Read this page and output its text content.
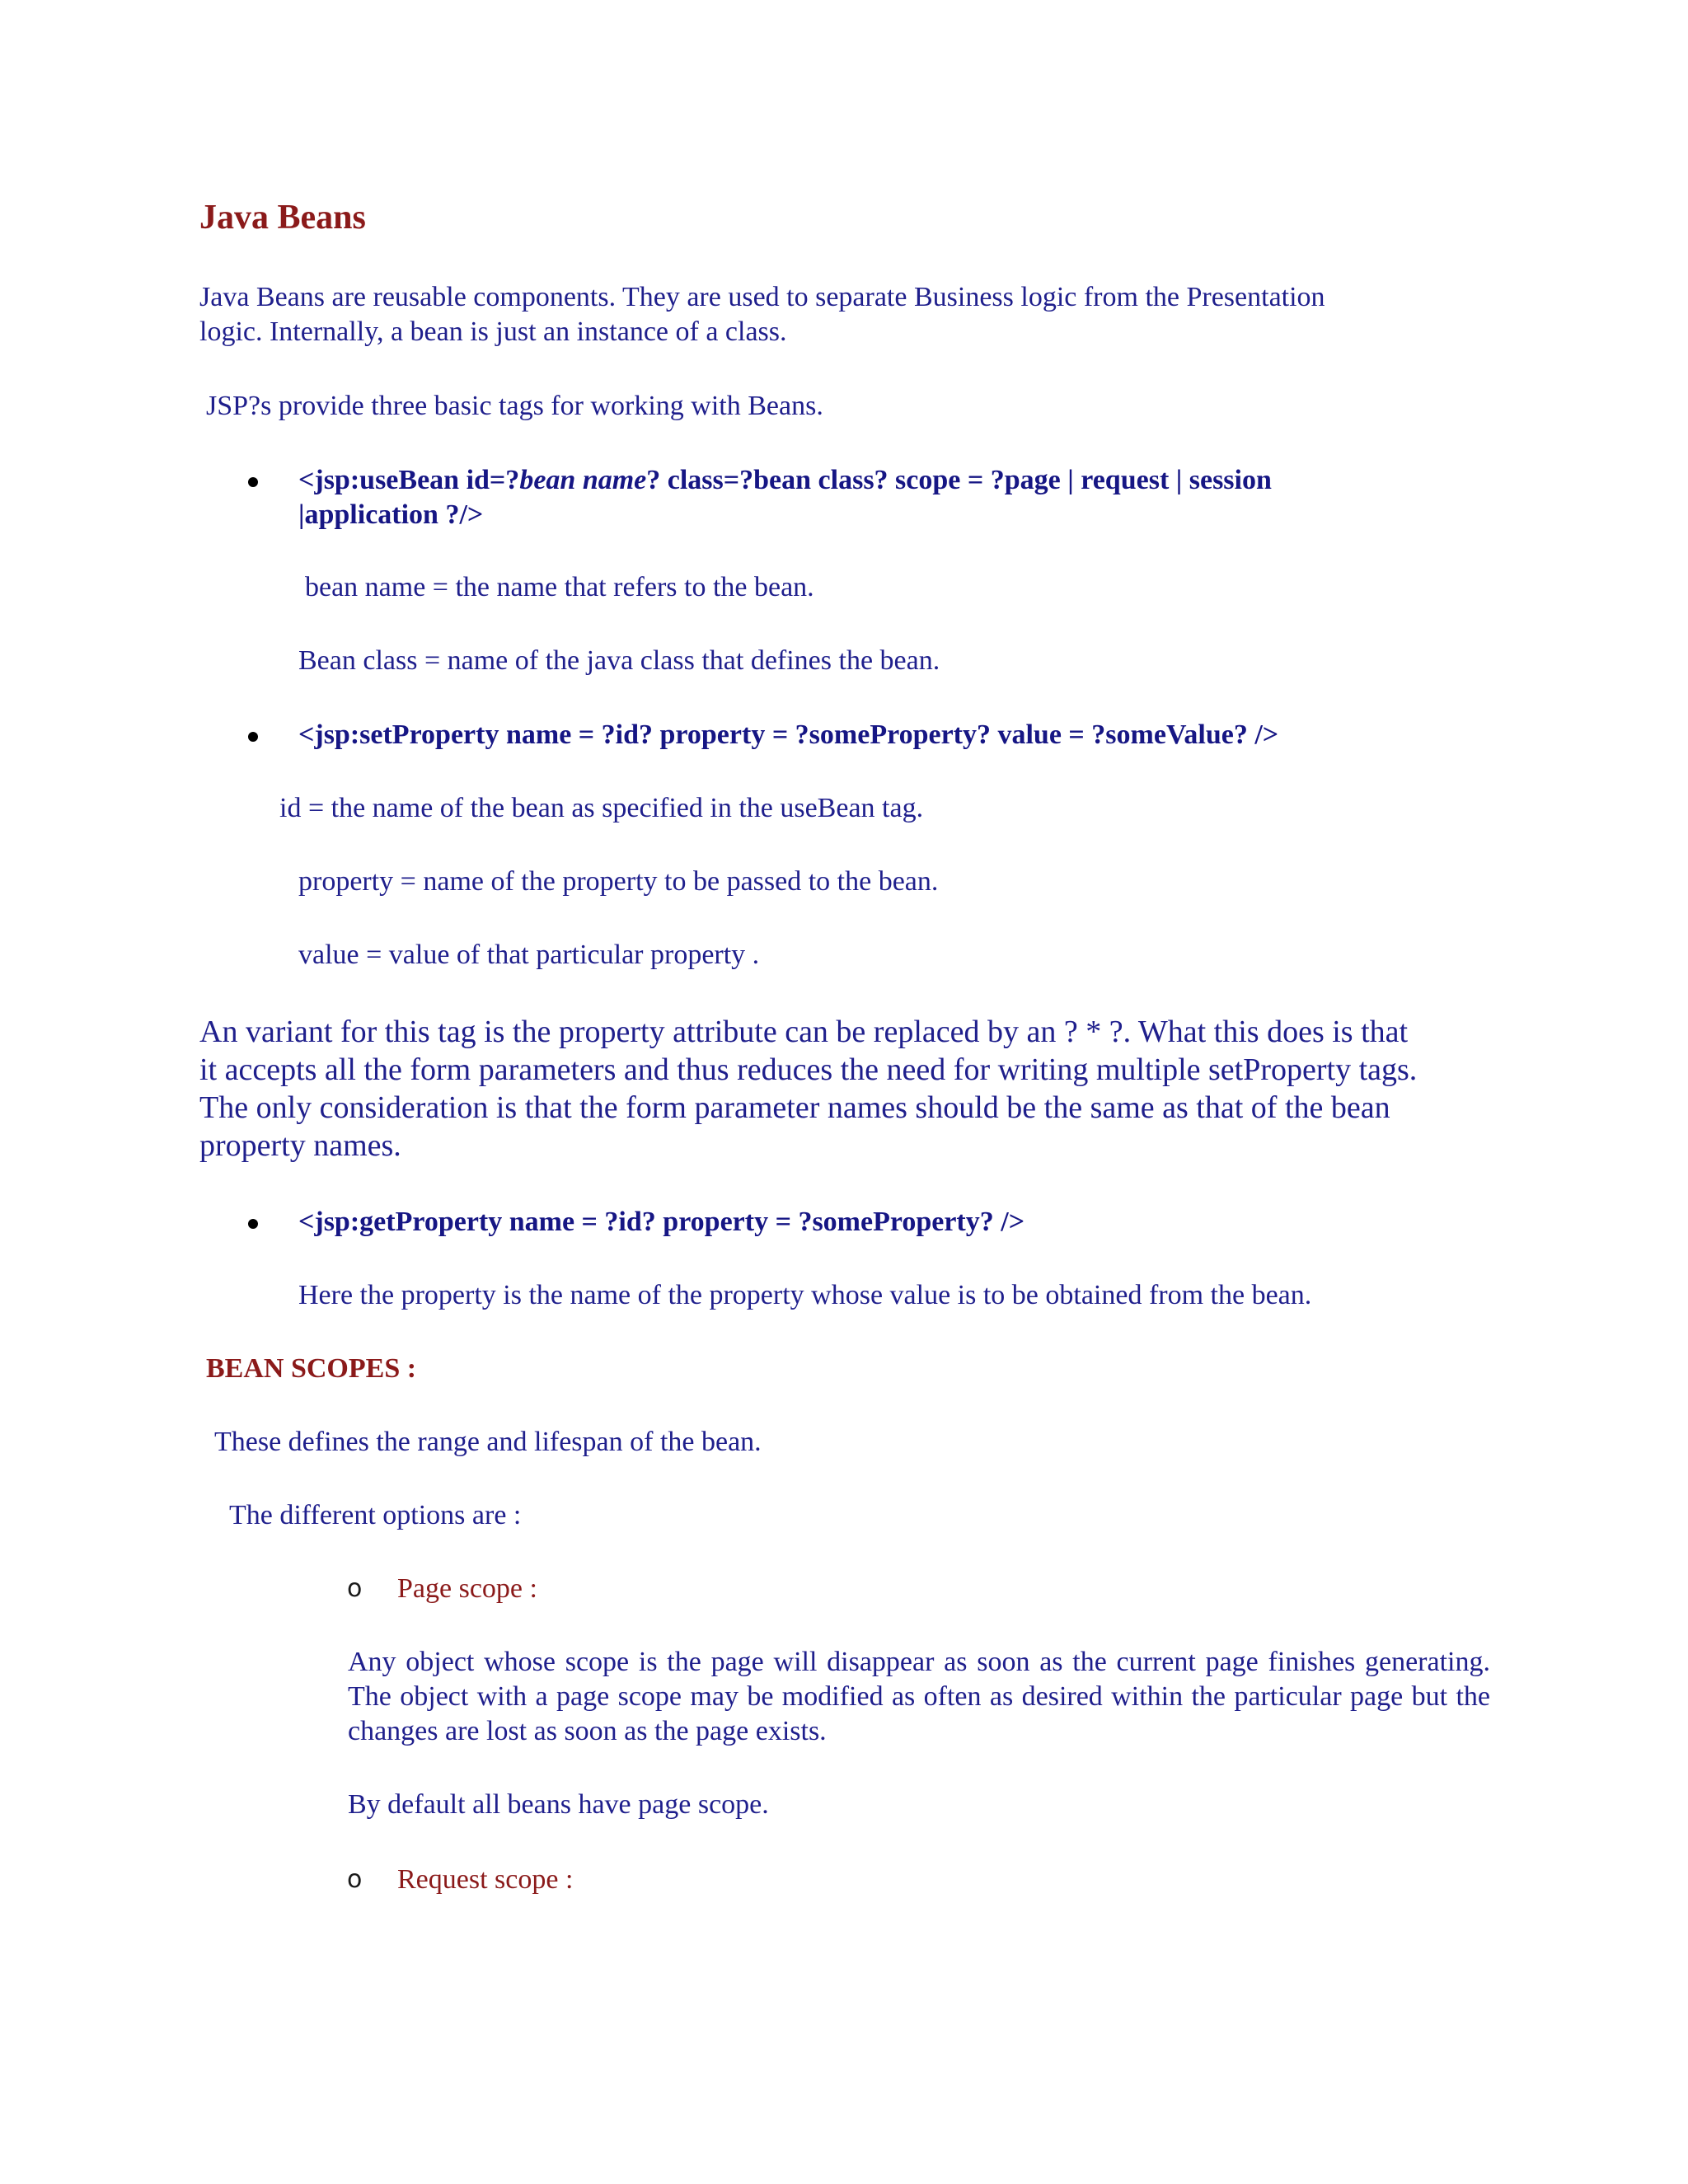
Java Beans
Java Beans are reusable components. They are used to separate Business logic from the Presentation
logic. Internally, a bean is just an instance of a class.
JSP?s provide three basic tags for working with Beans.
<jsp:useBean id=?bean name? class=?bean class? scope = ?page | request | session
|application ?/>
bean name = the name that refers to the bean.
Bean class = name of the java class that defines the bean.
<jsp:setProperty name = ?id? property = ?someProperty? value = ?someValue? />
id = the name of the bean as specified in the useBean tag.
property = name of the property to be passed to the bean.
value = value of that particular property .
An variant for this tag is the property attribute can be replaced by an ? * ?. What this does is that
it accepts all the form parameters and thus reduces the need for writing multiple setProperty tags.
The only consideration is that the form parameter names should be the same as that of the bean
property names.
<jsp:getProperty name = ?id? property = ?someProperty? />
Here the property is the name of the property whose value is to be obtained from the bean.
BEAN SCOPES :
These defines the range and lifespan of the bean.
The different options are :
o Page scope :
Any object whose scope is the page will disappear as soon as the current page finishes generating. The object with a page scope may be modified as often as desired within the particular page but the changes are lost as soon as the page exists.
By default all beans have page scope.
o Request scope :
